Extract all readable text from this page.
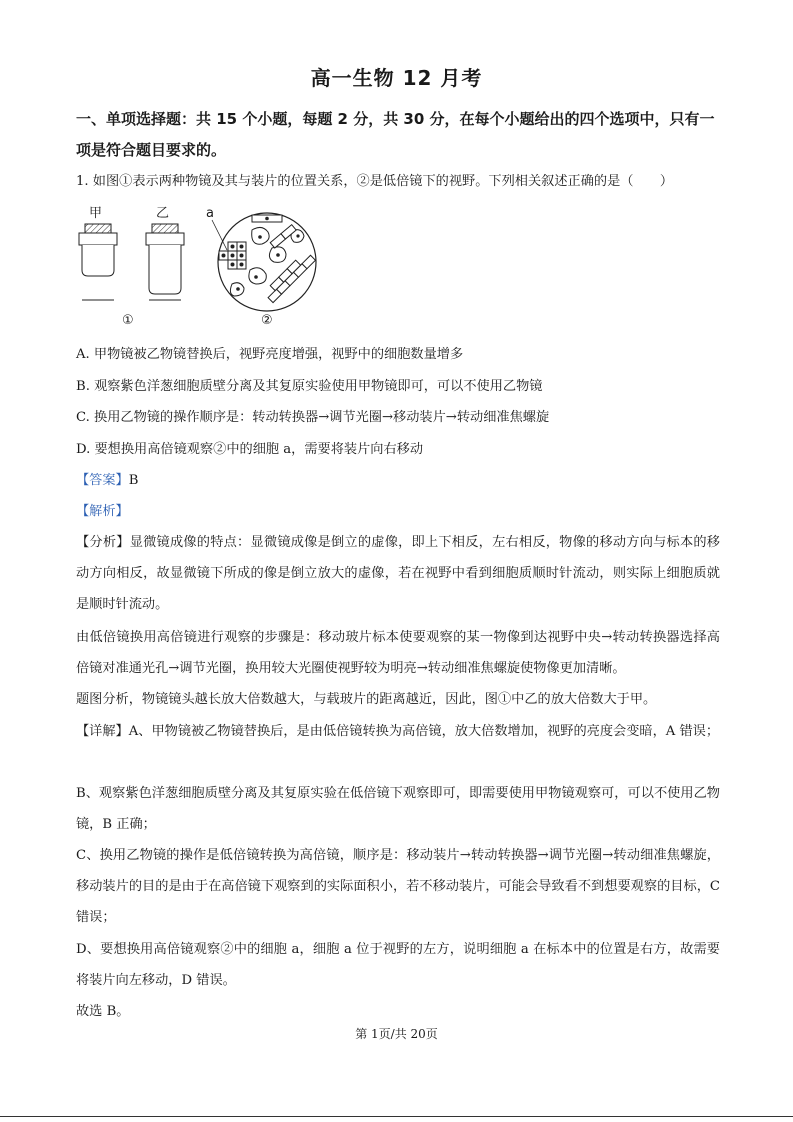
高一生物 12 月考
一、单项选择题：共 15 个小题，每题 2 分，共 30 分，在每个小题给出的四个选项中，只有一项是符合题目要求的。
1. 如图①表示两种物镜及其与装片的位置关系，②是低倍镜下的视野。下列相关叙述正确的是（　　）
甲	乙	a
①	②
A. 甲物镜被乙物镜替换后，视野亮度增强，视野中的细胞数量增多
B. 观察紫色洋葱细胞质壁分离及其复原实验使用甲物镜即可，可以不使用乙物镜
C. 换用乙物镜的操作顺序是：转动转换器→调节光圈→移动装片→转动细准焦螺旋
D. 要想换用高倍镜观察②中的细胞 a，需要将装片向右移动
【答案】B
【解析】
【分析】显微镜成像的特点：显微镜成像是倒立的虚像，即上下相反，左右相反，物像的移动方向与标本的移动方向相反，故显微镜下所成的像是倒立放大的虚像，若在视野中看到细胞质顺时针流动，则实际上细胞质就是顺时针流动。
由低倍镜换用高倍镜进行观察的步骤是：移动玻片标本使要观察的某一物像到达视野中央→转动转换器选择高倍镜对准通光孔→调节光圈，换用较大光圈使视野较为明亮→转动细准焦螺旋使物像更加清晰。
题图分析，物镜镜头越长放大倍数越大，与载玻片的距离越近，因此，图①中乙的放大倍数大于甲。
【详解】A、甲物镜被乙物镜替换后，是由低倍镜转换为高倍镜，放大倍数增加，视野的亮度会变暗，A 错误；
B、观察紫色洋葱细胞质壁分离及其复原实验在低倍镜下观察即可，即需要使用甲物镜观察可，可以不使用乙物镜，B 正确；
C、换用乙物镜的操作是低倍镜转换为高倍镜，顺序是：移动装片→转动转换器→调节光圈→转动细准焦螺旋，移动装片的目的是由于在高倍镜下观察到的实际面积小，若不移动装片，可能会导致看不到想要观察的目标，C 错误；
D、要想换用高倍镜观察②中的细胞 a，细胞 a 位于视野的左方，说明细胞 a 在标本中的位置是右方，故需要将装片向左移动，D 错误。
故选 B。
第 1页/共 20页
